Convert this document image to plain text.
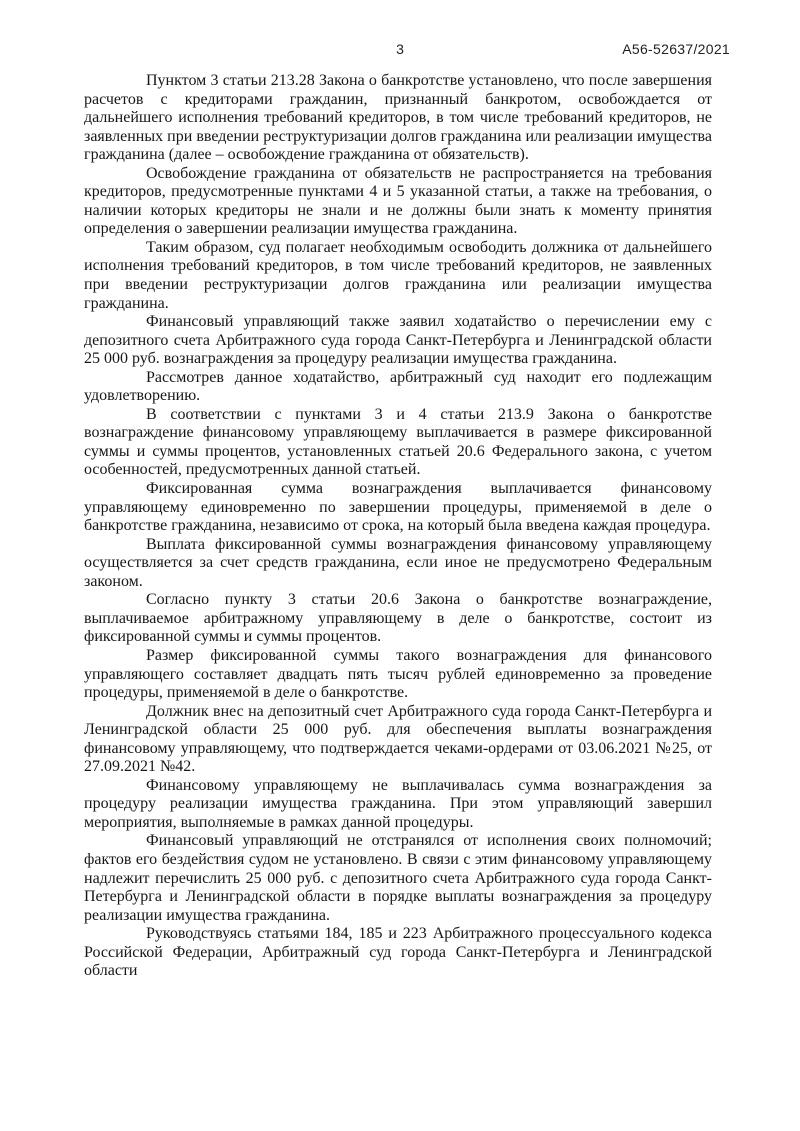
3	А56-52637/2021

Пунктом 3 статьи 213.28 Закона о банкротстве установлено, что после завершения расчетов с кредиторами гражданин, признанный банкротом, освобождается от дальнейшего исполнения требований кредиторов, в том числе требований кредиторов, не заявленных при введении реструктуризации долгов гражданина или реализации имущества гражданина (далее – освобождение гражданина от обязательств).

Освобождение гражданина от обязательств не распространяется на требования кредиторов, предусмотренные пунктами 4 и 5 указанной статьи, а также на требования, о наличии которых кредиторы не знали и не должны были знать к моменту принятия определения о завершении реализации имущества гражданина.

Таким образом, суд полагает необходимым освободить должника от дальнейшего исполнения требований кредиторов, в том числе требований кредиторов, не заявленных при введении реструктуризации долгов гражданина или реализации имущества гражданина.

Финансовый управляющий также заявил ходатайство о перечислении ему с депозитного счета Арбитражного суда города Санкт-Петербурга и Ленинградской области 25 000 руб. вознаграждения за процедуру реализации имущества гражданина.

Рассмотрев данное ходатайство, арбитражный суд находит его подлежащим удовлетворению.

В соответствии с пунктами 3 и 4 статьи 213.9 Закона о банкротстве вознаграждение финансовому управляющему выплачивается в размере фиксированной суммы и суммы процентов, установленных статьей 20.6 Федерального закона, с учетом особенностей, предусмотренных данной статьей.

Фиксированная сумма вознаграждения выплачивается финансовому управляющему единовременно по завершении процедуры, применяемой в деле о банкротстве гражданина, независимо от срока, на который была введена каждая процедура.

Выплата фиксированной суммы вознаграждения финансовому управляющему осуществляется за счет средств гражданина, если иное не предусмотрено Федеральным законом.

Согласно пункту 3 статьи 20.6 Закона о банкротстве вознаграждение, выплачиваемое арбитражному управляющему в деле о банкротстве, состоит из фиксированной суммы и суммы процентов.

Размер фиксированной суммы такого вознаграждения для финансового управляющего составляет двадцать пять тысяч рублей единовременно за проведение процедуры, применяемой в деле о банкротстве.

Должник внес на депозитный счет Арбитражного суда города Санкт-Петербурга и Ленинградской области 25 000 руб. для обеспечения выплаты вознаграждения финансовому управляющему, что подтверждается чеками-ордерами от 03.06.2021 №25, от 27.09.2021 №42.

Финансовому управляющему не выплачивалась сумма вознаграждения за процедуру реализации имущества гражданина. При этом управляющий завершил мероприятия, выполняемые в рамках данной процедуры.

Финансовый управляющий не отстранялся от исполнения своих полномочий; фактов его бездействия судом не установлено. В связи с этим финансовому управляющему надлежит перечислить 25 000 руб. с депозитного счета Арбитражного суда города Санкт-Петербурга и Ленинградской области в порядке выплаты вознаграждения за процедуру реализации имущества гражданина.

Руководствуясь статьями 184, 185 и 223 Арбитражного процессуального кодекса Российской Федерации, Арбитражный суд города Санкт-Петербурга и Ленинградской области
